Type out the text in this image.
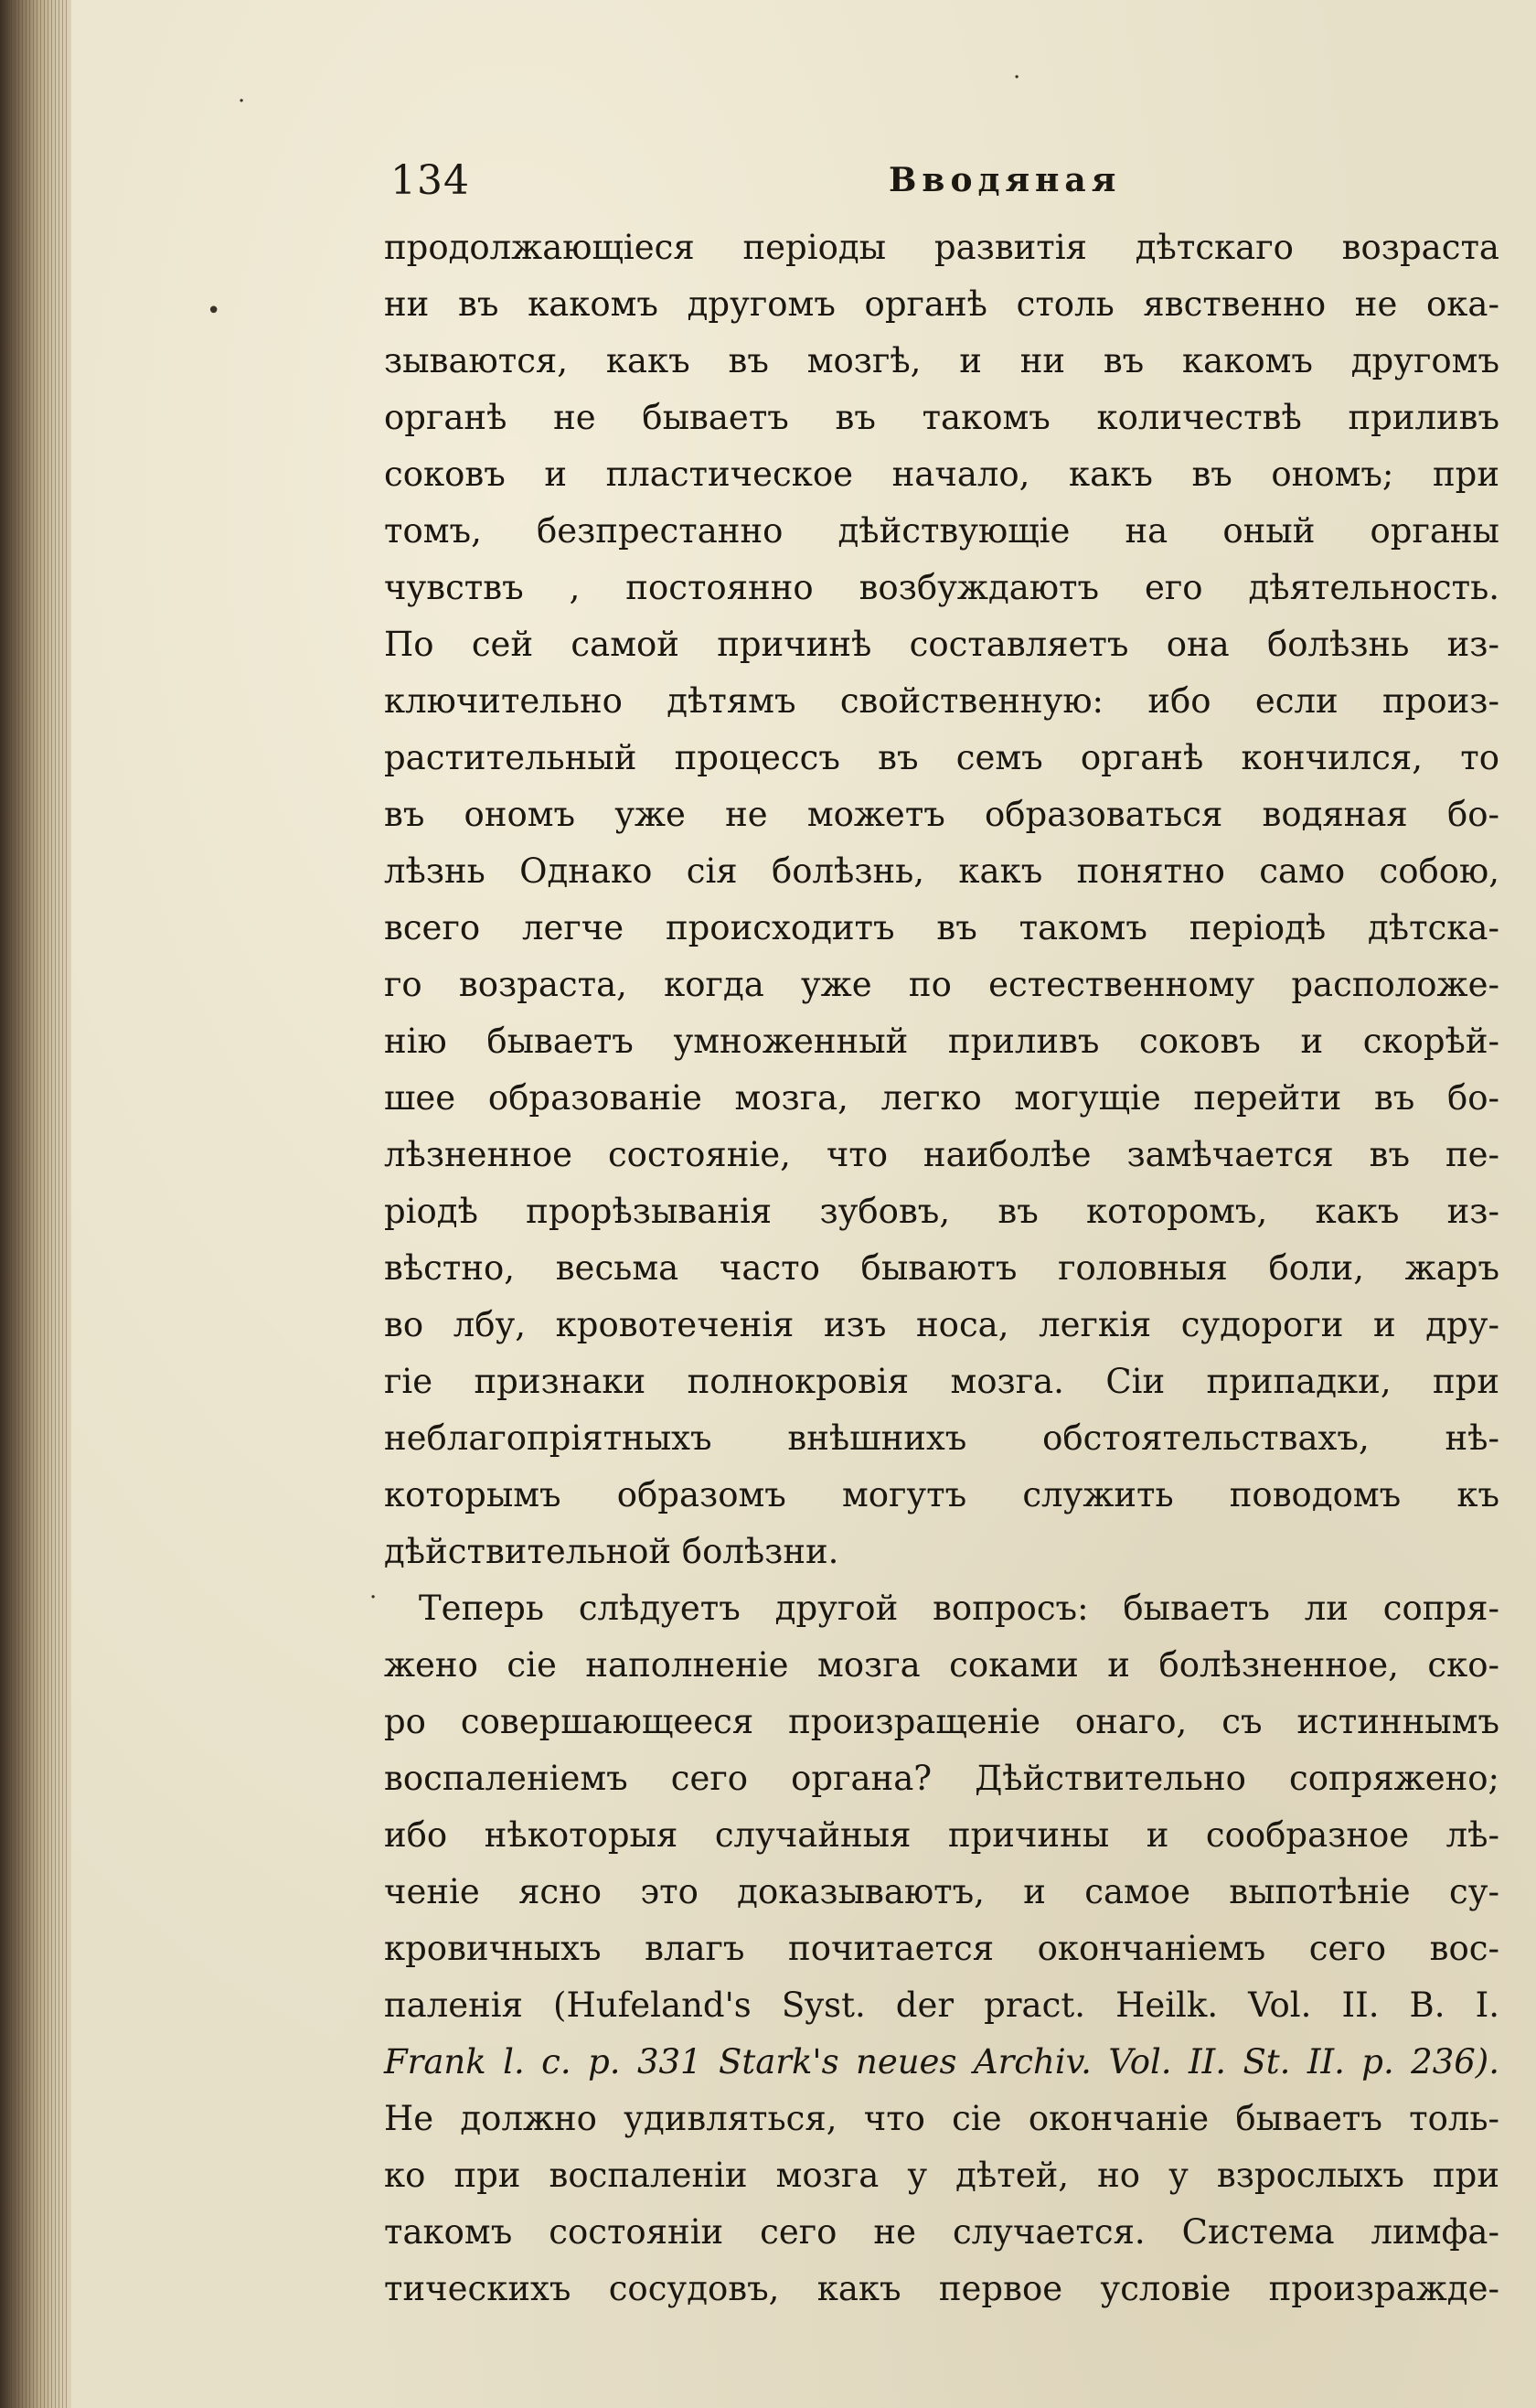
134	Вводяная
·
·
•
·
продолжающіеся періоды развитія дѣтскаго возраста
ни въ какомъ другомъ органѣ столь явственно не ока-
зываются, какъ въ мозгѣ, и ни въ какомъ другомъ
органѣ не бываетъ въ такомъ количествѣ приливъ
соковъ и пластическое начало, какъ въ ономъ; при
томъ, безпрестанно дѣйствующіе на оный органы
чувствъ , постоянно возбуждаютъ его дѣятельность.
По сей самой причинѣ составляетъ она болѣзнь из-
ключительно дѣтямъ свойственную: ибо если произ-
растительный процессъ въ семъ органѣ кончился, то
въ ономъ уже не можетъ образоваться водяная бо-
лѣзнь Однако сія болѣзнь, какъ понятно само собою,
всего легче происходитъ въ такомъ періодѣ дѣтска-
го возраста, когда уже по естественному расположе-
нію бываетъ умноженный приливъ соковъ и скорѣй-
шее образованіе мозга, легко могущіе перейти въ бо-
лѣзненное состояніе, что наиболѣе замѣчается въ пе-
ріодѣ прорѣзыванія зубовъ, въ которомъ, какъ из-
вѣстно, весьма часто бываютъ головныя боли, жаръ
во лбу, кровотеченія изъ носа, легкія судороги и дру-
гіе признаки полнокровія мозга. Сіи припадки, при
неблагопріятныхъ внѣшнихъ обстоятельствахъ, нѣ-
которымъ образомъ могутъ служить поводомъ къ
дѣйствительной болѣзни.
Теперь слѣдуетъ другой вопросъ: бываетъ ли сопря-
жено сіе наполненіе мозга соками и болѣзненное, ско-
ро совершающееся произращеніе онаго, съ истиннымъ
воспаленіемъ сего органа? Дѣйствительно сопряжено;
ибо нѣкоторыя случайныя причины и сообразное лѣ-
ченіе ясно это доказываютъ, и самое выпотѣніе су-
кровичныхъ влагъ почитается окончаніемъ сего вос-
паленія (Hufeland's Syst. der pract. Heilk. Vol. II. B. I.
Frank l. c. p. 331 Stark's neues Archiv. Vol. II. St. II. p. 236).
Не должно удивляться, что сіе окончаніе бываетъ толь-
ко при воспаленіи мозга у дѣтей, но у взрослыхъ при
такомъ состояніи сего не случается. Система лимфа-
тическихъ сосудовъ, какъ первое условіе произражде-
